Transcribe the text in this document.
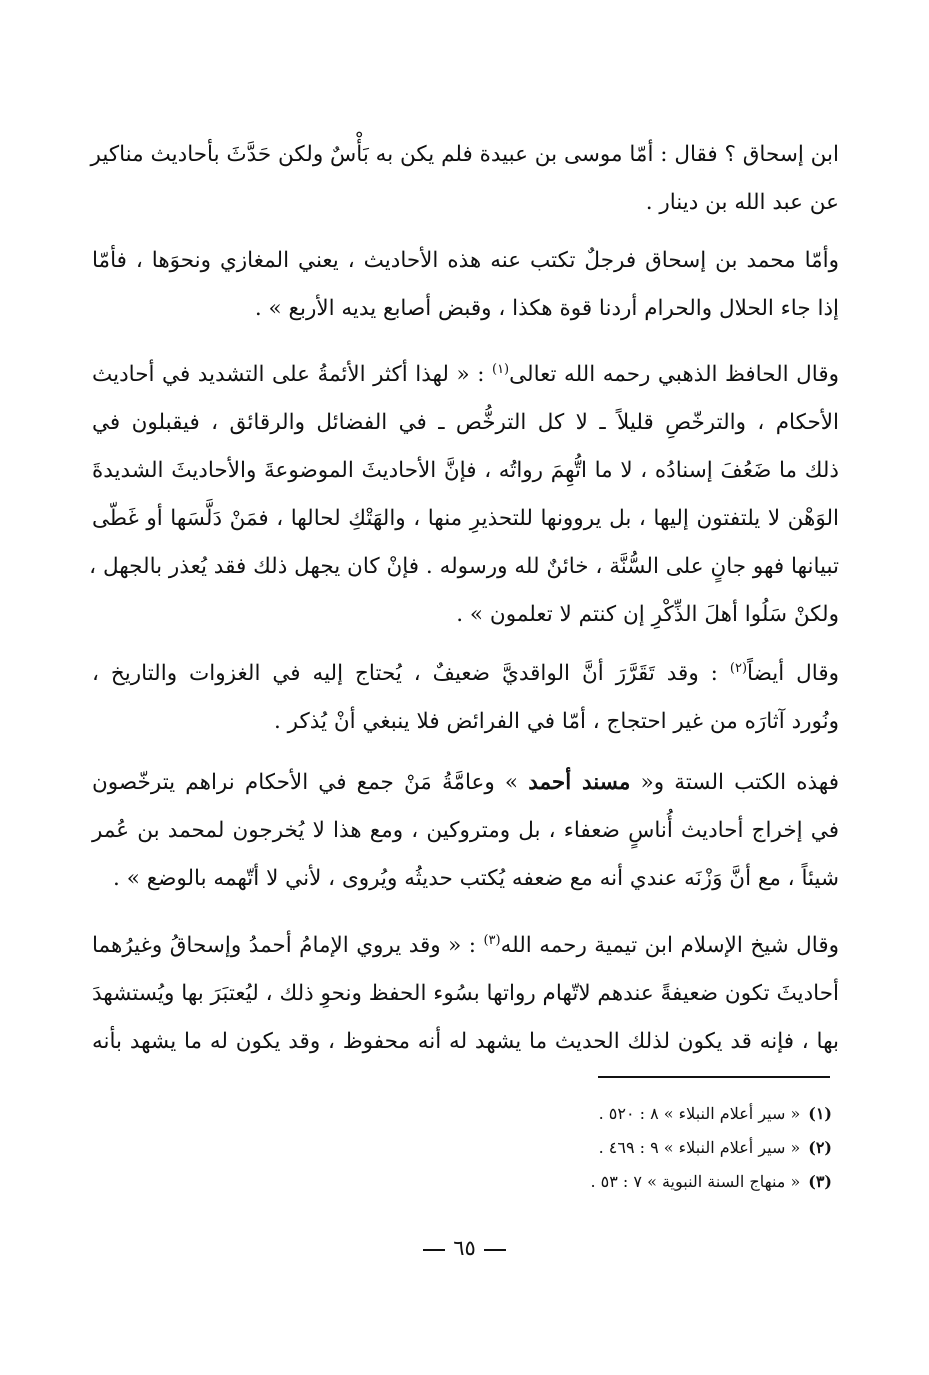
ابن إسحاق ؟ فقال : أمّا موسى بن عبيدة فلم يكن به بَأْسٌ ولكن حَدَّثَ بأحاديث مناكير
عن عبد الله بن دينار .
وأمّا محمد بن إسحاق فرجلٌ تكتب عنه هذه الأحاديث ، يعني المغازي ونحوَها ، فأمّا
إذا جاء الحلال والحرام أردنا قوة هكذا ، وقبض أصابع يديه الأربع » .
وقال الحافظ الذهبي رحمه الله تعالى$^{(١)}$ : « لهذا أكثر الأئمةُ على التشديد في أحاديث
الأحكام ، والترخّصِ قليلاً ـ لا كل الترخُّص ـ في الفضائل والرقائق ، فيقبلون في
ذلك ما ضَعُفَ إسنادُه ، لا ما اتُّهِمَ رواتُه ، فإنَّ الأحاديثَ الموضوعةَ والأحاديثَ الشديدةَ
الوَهْن لا يلتفتون إليها ، بل يروونها للتحذيرِ منها ، والهَتْكِ لحالها ، فمَنْ دَلَّسَها أو غَطّى
تبيانها فهو جانٍ على السُّنَّة ، خائنٌ لله ورسوله . فإنْ كان يجهل ذلك فقد يُعذر بالجهل ،
ولكنْ سَلُوا أهلَ الذِّكْرِ إن كنتم لا تعلمون » .
وقال أيضاً$^{(٢)}$ : وقد تَقَرَّرَ أنَّ الواقديَّ ضعيفٌ ، يُحتاج إليه في الغزوات والتاريخ ،
ونُورد آثارَه من غير احتجاج ، أمّا في الفرائض فلا ينبغي أنْ يُذكر .
فهذه الكتب الستة و« مسند أحمد » وعامَّةُ مَنْ جمع في الأحكام نراهم يترخّصون
في إخراج أحاديث أُناسٍ ضعفاء ، بل ومتروكين ، ومع هذا لا يُخرجون لمحمد بن عُمر
شيئاً ، مع أنَّ وَزْنَه عندي أنه مع ضعفه يُكتب حديثُه ويُروى ، لأني لا أتّهمه بالوضع » .
وقال شيخ الإسلام ابن تيمية رحمه الله$^{(٣)}$ : « وقد يروي الإمامُ أحمدُ وإسحاقُ وغيرُهما
أحاديثَ تكون ضعيفةً عندهم لاتّهام رواتها بسُوء الحفظ ونحوِ ذلك ، ليُعتبَرَ بها ويُستشهدَ
بها ، فإنه قد يكون لذلك الحديث ما يشهد له أنه محفوظ ، وقد يكون له ما يشهد بأنه
(١)« سير أعلام النبلاء » ٨ : ٥٢٠ .
(٢)« سير أعلام النبلاء » ٩ : ٤٦٩ .
(٣)« منهاج السنة النبوية » ٧ : ٥٣ .
٦٥
